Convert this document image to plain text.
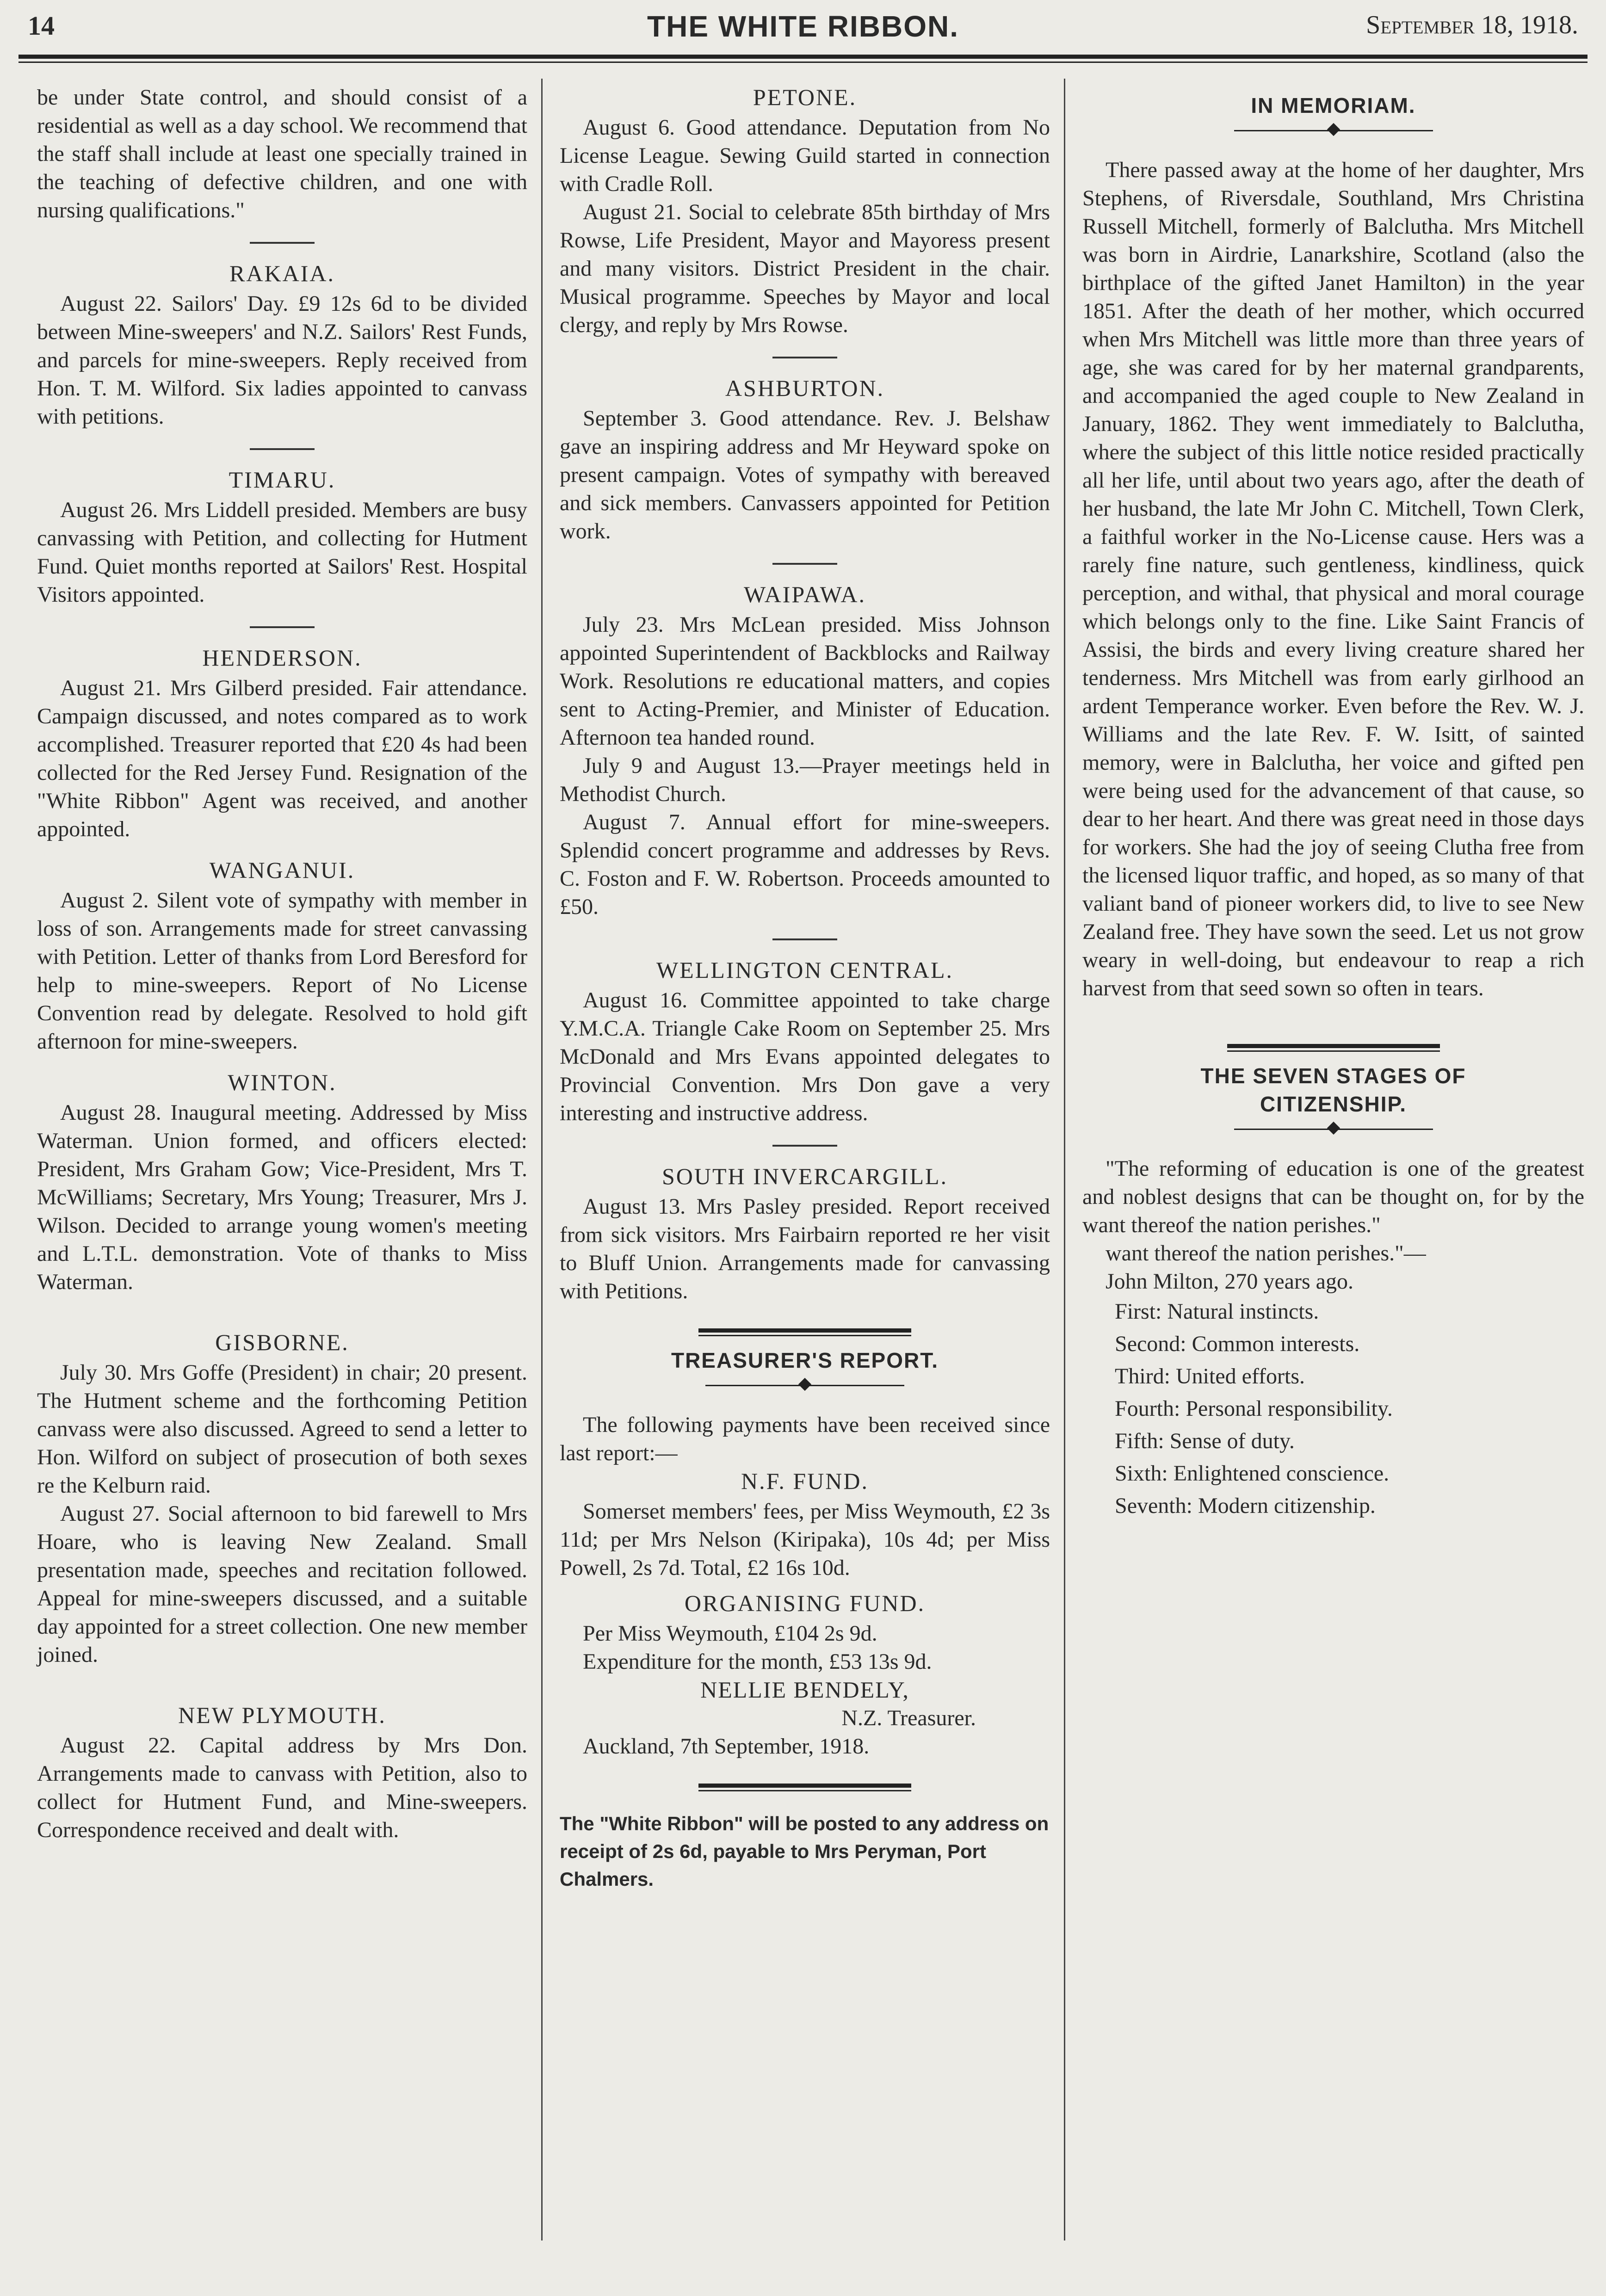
14	THE WHITE RIBBON.	September 18, 1918.

be under State control, and should consist of a residential as well as a day school. We recommend that the staff shall include at least one specially trained in the teaching of defective children, and one with nursing qualifications."

RAKAIA.

August 22. Sailors' Day. £9 12s 6d to be divided between Mine-sweepers' and N.Z. Sailors' Rest Funds, and parcels for mine-sweepers. Reply received from Hon. T. M. Wilford. Six ladies appointed to canvass with petitions.

TIMARU.

August 26. Mrs Liddell presided. Members are busy canvassing with Petition, and collecting for Hutment Fund. Quiet months reported at Sailors' Rest. Hospital Visitors appointed.

HENDERSON.

August 21. Mrs Gilberd presided. Fair attendance. Campaign discussed, and notes compared as to work accomplished. Treasurer reported that £20 4s had been collected for the Red Jersey Fund. Resignation of the "White Ribbon" Agent was received, and another appointed.

WANGANUI.

August 2. Silent vote of sympathy with member in loss of son. Arrangements made for street canvassing with Petition. Letter of thanks from Lord Beresford for help to mine-sweepers. Report of No License Convention read by delegate. Resolved to hold gift afternoon for mine-sweepers.

WINTON.

August 28. Inaugural meeting. Addressed by Miss Waterman. Union formed, and officers elected: President, Mrs Graham Gow; Vice-President, Mrs T. McWilliams; Secretary, Mrs Young; Treasurer, Mrs J. Wilson. Decided to arrange young women's meeting and L.T.L. demonstration. Vote of thanks to Miss Waterman.

GISBORNE.

July 30. Mrs Goffe (President) in chair; 20 present. The Hutment scheme and the forthcoming Petition canvass were also discussed. Agreed to send a letter to Hon. Wilford on subject of prosecution of both sexes re the Kelburn raid.

August 27. Social afternoon to bid farewell to Mrs Hoare, who is leaving New Zealand. Small presentation made, speeches and recitation followed. Appeal for mine-sweepers discussed, and a suitable day appointed for a street collection. One new member joined.

NEW PLYMOUTH.

August 22. Capital address by Mrs Don. Arrangements made to canvass with Petition, also to collect for Hutment Fund, and Mine-sweepers. Correspondence received and dealt with.

PETONE.

August 6. Good attendance. Deputation from No License League. Sewing Guild started in connection with Cradle Roll.

August 21. Social to celebrate 85th birthday of Mrs Rowse, Life President, Mayor and Mayoress present and many visitors. District President in the chair. Musical programme. Speeches by Mayor and local clergy, and reply by Mrs Rowse.

ASHBURTON.

September 3. Good attendance. Rev. J. Belshaw gave an inspiring address and Mr Heyward spoke on present campaign. Votes of sympathy with bereaved and sick members. Canvassers appointed for Petition work.

WAIPAWA.

July 23. Mrs McLean presided. Miss Johnson appointed Superintendent of Backblocks and Railway Work. Resolutions re educational matters, and copies sent to Acting-Premier, and Minister of Education. Afternoon tea handed round.

July 9 and August 13.—Prayer meetings held in Methodist Church.

August 7. Annual effort for mine-sweepers. Splendid concert programme and addresses by Revs. C. Foston and F. W. Robertson. Proceeds amounted to £50.

WELLINGTON CENTRAL.

August 16. Committee appointed to take charge Y.M.C.A. Triangle Cake Room on September 25. Mrs McDonald and Mrs Evans appointed delegates to Provincial Convention. Mrs Don gave a very interesting and instructive address.

SOUTH INVERCARGILL.

August 13. Mrs Pasley presided. Report received from sick visitors. Mrs Fairbairn reported re her visit to Bluff Union. Arrangements made for canvassing with Petitions.

TREASURER'S REPORT.

The following payments have been received since last report:—

N.F. FUND.

Somerset members' fees, per Miss Weymouth, £2 3s 11d; per Mrs Nelson (Kiripaka), 10s 4d; per Miss Powell, 2s 7d. Total, £2 16s 10d.

ORGANISING FUND.

Per Miss Weymouth, £104 2s 9d.

Expenditure for the month, £53 13s 9d.

NELLIE BENDELY,
N.Z. Treasurer.

Auckland, 7th September, 1918.

The "White Ribbon" will be posted to any address on receipt of 2s 6d, payable to Mrs Peryman, Port Chalmers.
IN MEMORIAM.

There passed away at the home of her daughter, Mrs Stephens, of Riversdale, Southland, Mrs Christina Russell Mitchell, formerly of Balclutha. Mrs Mitchell was born in Airdrie, Lanarkshire, Scotland (also the birthplace of the gifted Janet Hamilton) in the year 1851. After the death of her mother, which occurred when Mrs Mitchell was little more than three years of age, she was cared for by her maternal grandparents, and accompanied the aged couple to New Zealand in January, 1862. They went immediately to Balclutha, where the subject of this little notice resided practically all her life, until about two years ago, after the death of her husband, the late Mr John C. Mitchell, Town Clerk, a faithful worker in the No-License cause. Hers was a rarely fine nature, such gentleness, kindliness, quick perception, and withal, that physical and moral courage which belongs only to the fine. Like Saint Francis of Assisi, the birds and every living creature shared her tenderness. Mrs Mitchell was from early girlhood an ardent Temperance worker. Even before the Rev. W. J. Williams and the late Rev. F. W. Isitt, of sainted memory, were in Balclutha, her voice and gifted pen were being used for the advancement of that cause, so dear to her heart. And there was great need in those days for workers. She had the joy of seeing Clutha free from the licensed liquor traffic, and hoped, as so many of that valiant band of pioneer workers did, to live to see New Zealand free. They have sown the seed. Let us not grow weary in well-doing, but endeavour to reap a rich harvest from that seed sown so often in tears.

THE SEVEN STAGES OF
CITIZENSHIP.

"The reforming of education is one of the greatest and noblest designs that can be thought on, for by the want thereof the nation perishes."

want thereof the nation perishes."—

John Milton, 270 years ago.

First: Natural instincts.
Second: Common interests.
Third: United efforts.
Fourth: Personal responsibility.
Fifth: Sense of duty.
Sixth: Enlightened conscience.
Seventh: Modern citizenship.
